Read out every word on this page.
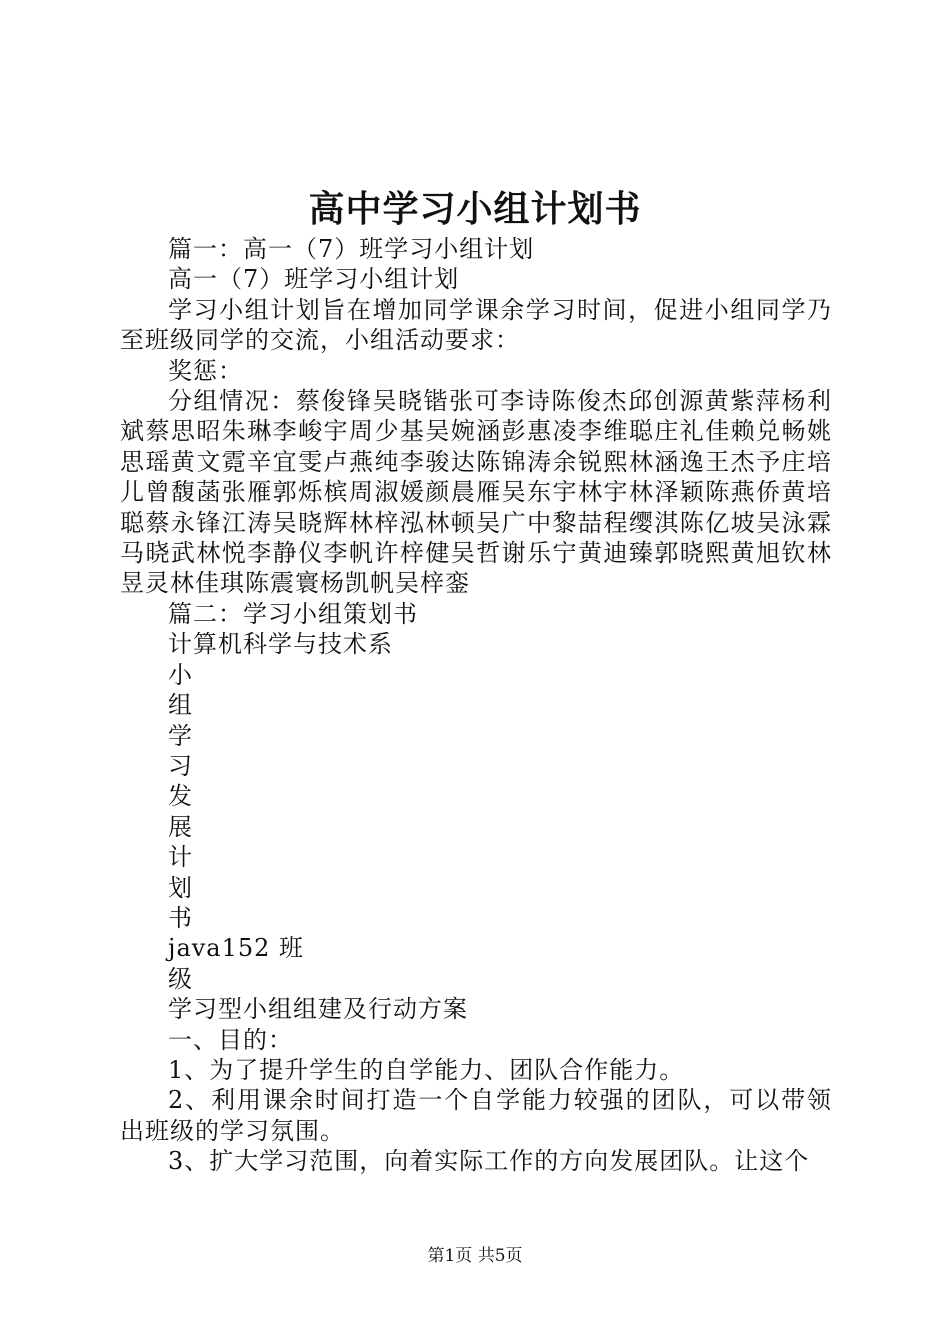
高中学习小组计划书

篇一：高一（7）班学习小组计划

高一（7）班学习小组计划

学习小组计划旨在增加同学课余学习时间，促进小组同学乃至班级同学的交流，小组活动要求：

奖惩：

分组情况：蔡俊锋吴晓锴张可李诗陈俊杰邱创源黄紫萍杨利斌蔡思昭朱琳李峻宇周少基吴婉涵彭惠凌李维聪庄礼佳赖兑畅姚思瑶黄文霓辛宜雯卢燕纯李骏达陈锦涛余锐熙林涵逸王杰予庄培儿曾馥菡张雁郭烁槟周淑媛颜晨雁吴东宇林宇林泽颖陈燕侨黄培聪蔡永锋江涛吴晓辉林梓泓林顿吴广中黎喆程缨淇陈亿坡吴泳霖马晓武林悦李静仪李帆许梓健吴哲谢乐宁黄迪臻郭晓熙黄旭钦林昱灵林佳琪陈震寰杨凯帆吴梓銮

篇二：学习小组策划书

计算机科学与技术系

小

组

学

习

发

展

计

划

书

java152 班

级

学习型小组组建及行动方案

一、目的：

1、为了提升学生的自学能力、团队合作能力。

2、利用课余时间打造一个自学能力较强的团队，可以带领出班级的学习氛围。

3、扩大学习范围，向着实际工作的方向发展团队。让这个

第1页 共5页
